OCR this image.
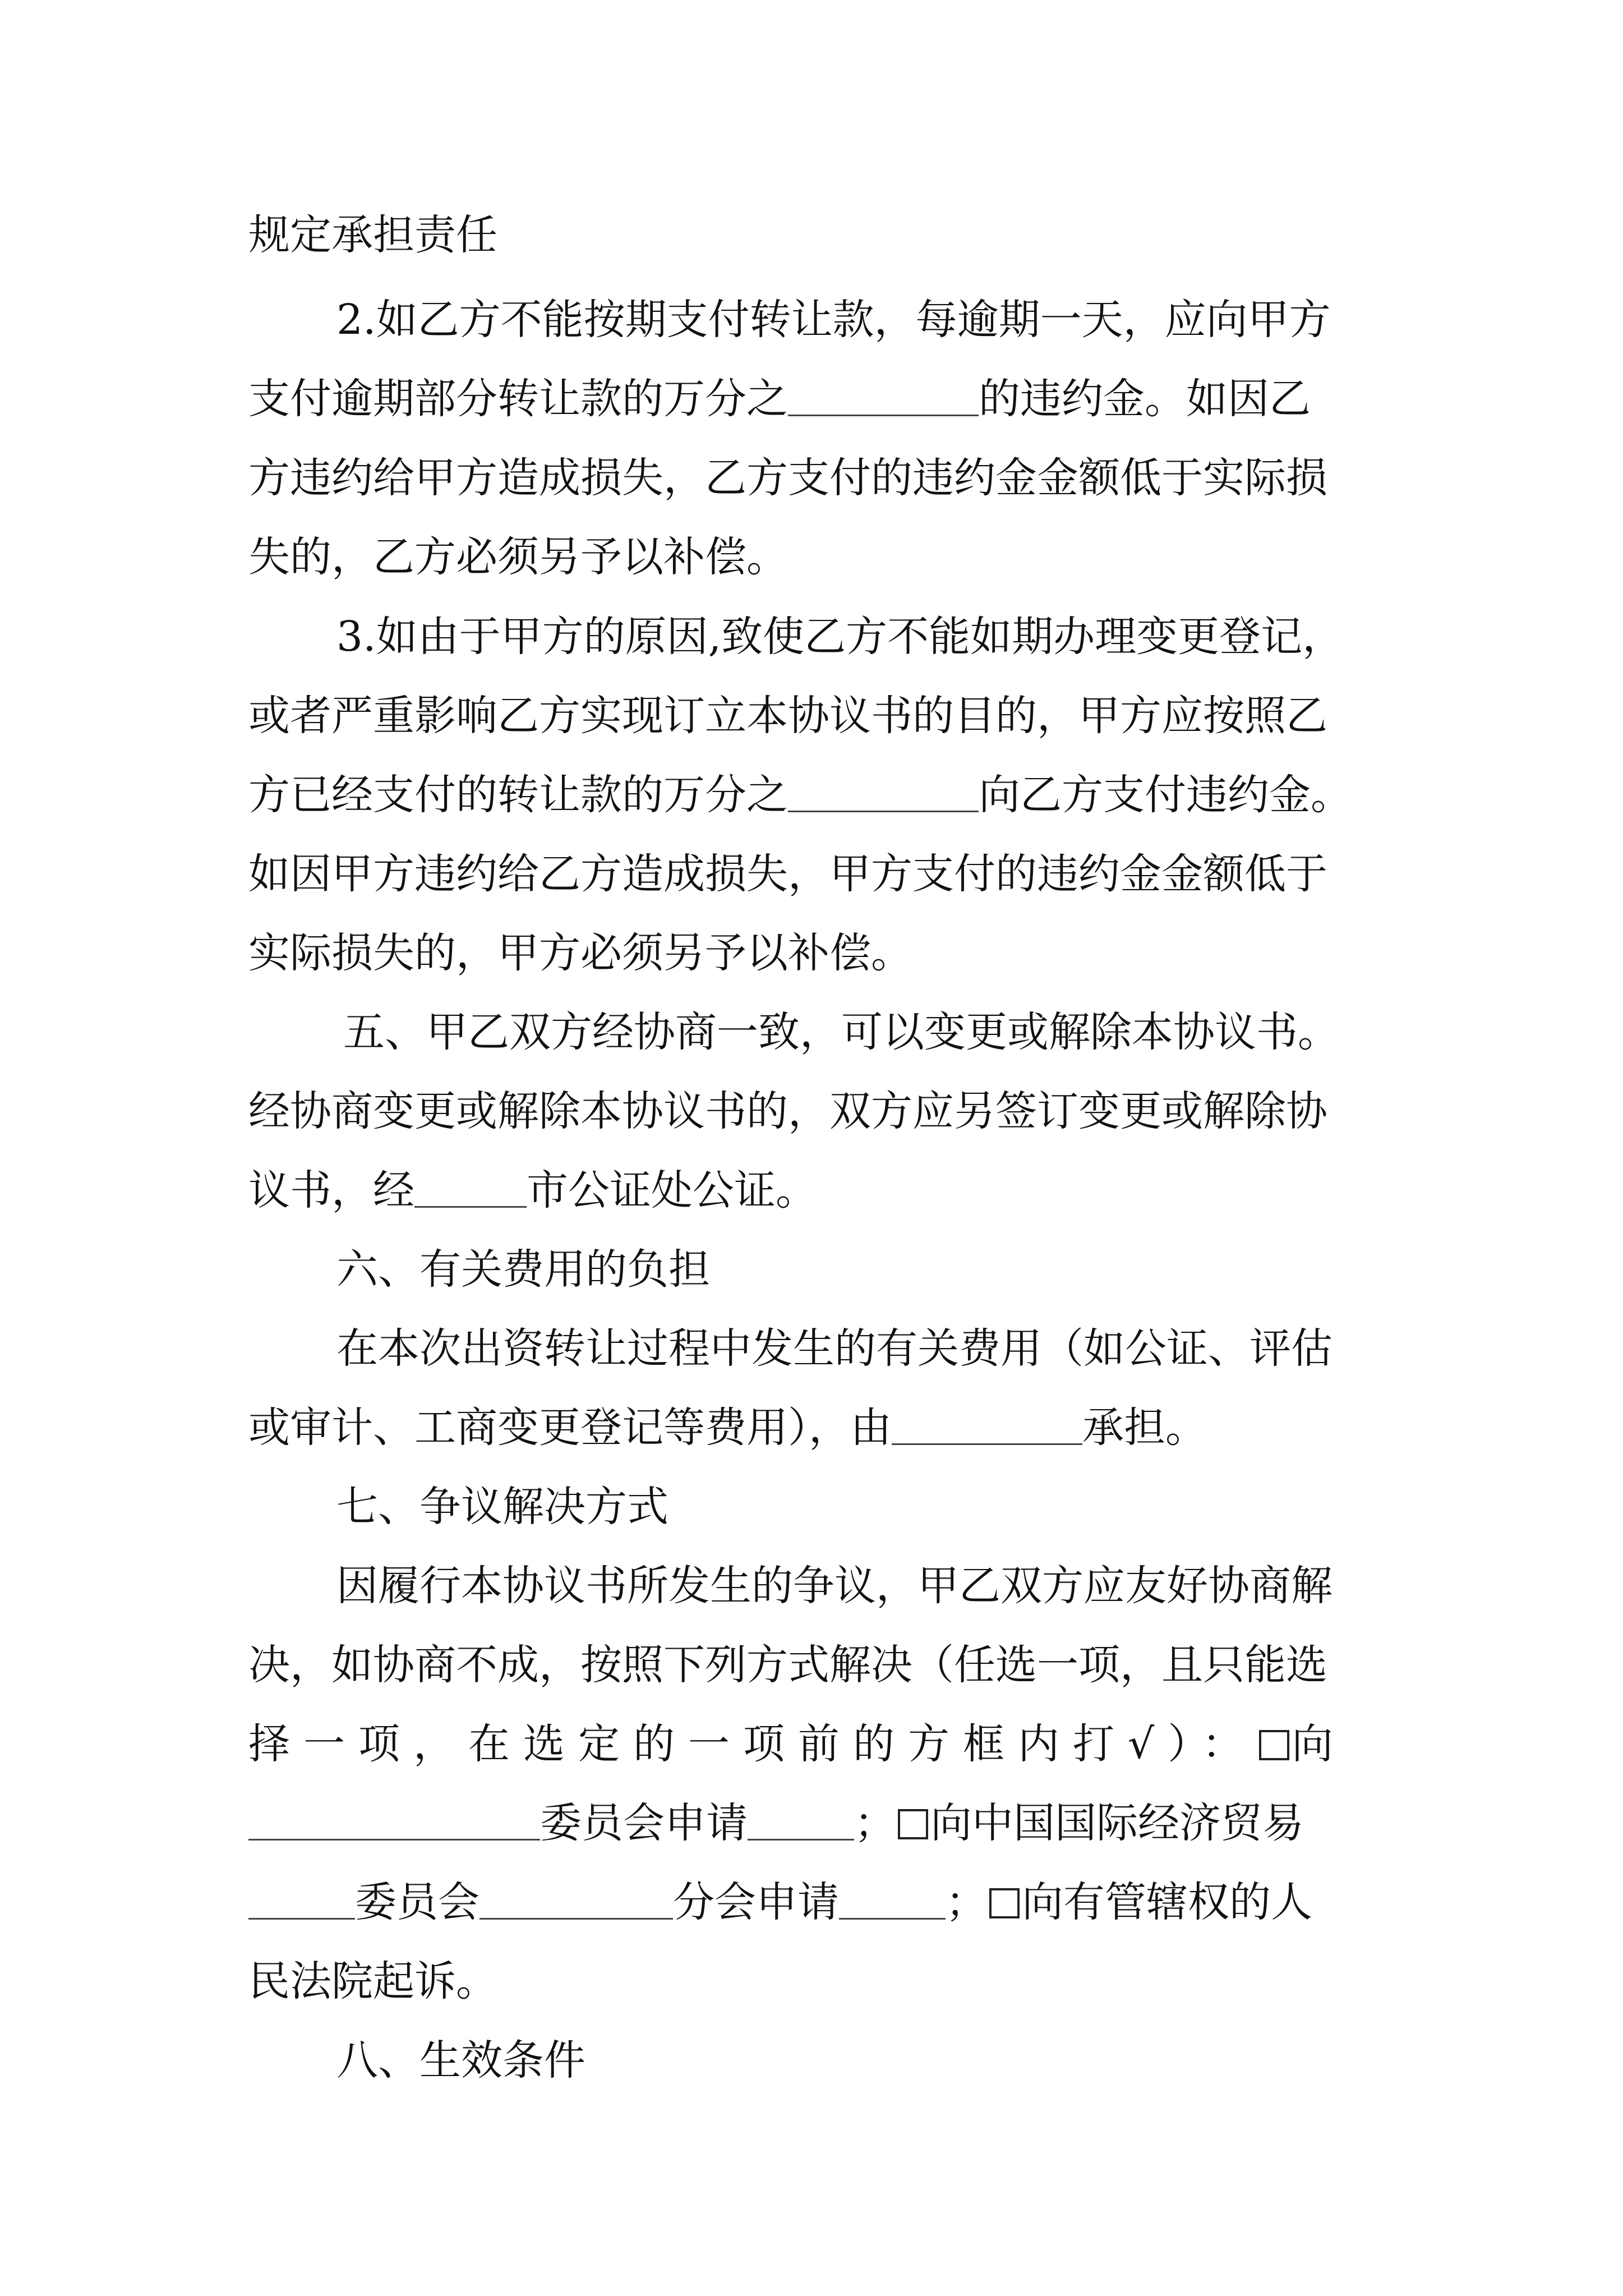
规定承担责任
2.如乙方不能按期支付转让款，每逾期一天，应向甲方
支付逾期部分转让款的万分之	的违约金。如因乙
方违约给甲方造成损失，乙方支付的违约金金额低于实际损
失的，乙方必须另予以补偿。
3.如由于甲方的原因,致使乙方不能如期办理变更登记，
或者严重影响乙方实现订立本协议书的目的，甲方应按照乙
方已经支付的转让款的万分之	向乙方支付违约金。
如因甲方违约给乙方造成损失，甲方支付的违约金金额低于
实际损失的，甲方必须另予以补偿。
五、甲乙双方经协商一致，可以变更或解除本协议书。
经协商变更或解除本协议书的，双方应另签订变更或解除协
议书，经	市公证处公证。
六、有关费用的负担
在本次出资转让过程中发生的有关费用（如公证、评估
或审计、工商变更登记等费用），由	承担。
七、争议解决方式
因履行本协议书所发生的争议，甲乙双方应友好协商解
决，如协商不成，按照下列方式解决（任选一项，且只能选
择一项，在选定的一项前的方框内打√）： 向
委员会申请	； 向中国国际经济贸易
委员会	分会申请	； 向有管辖权的人
民法院起诉。
八、生效条件
